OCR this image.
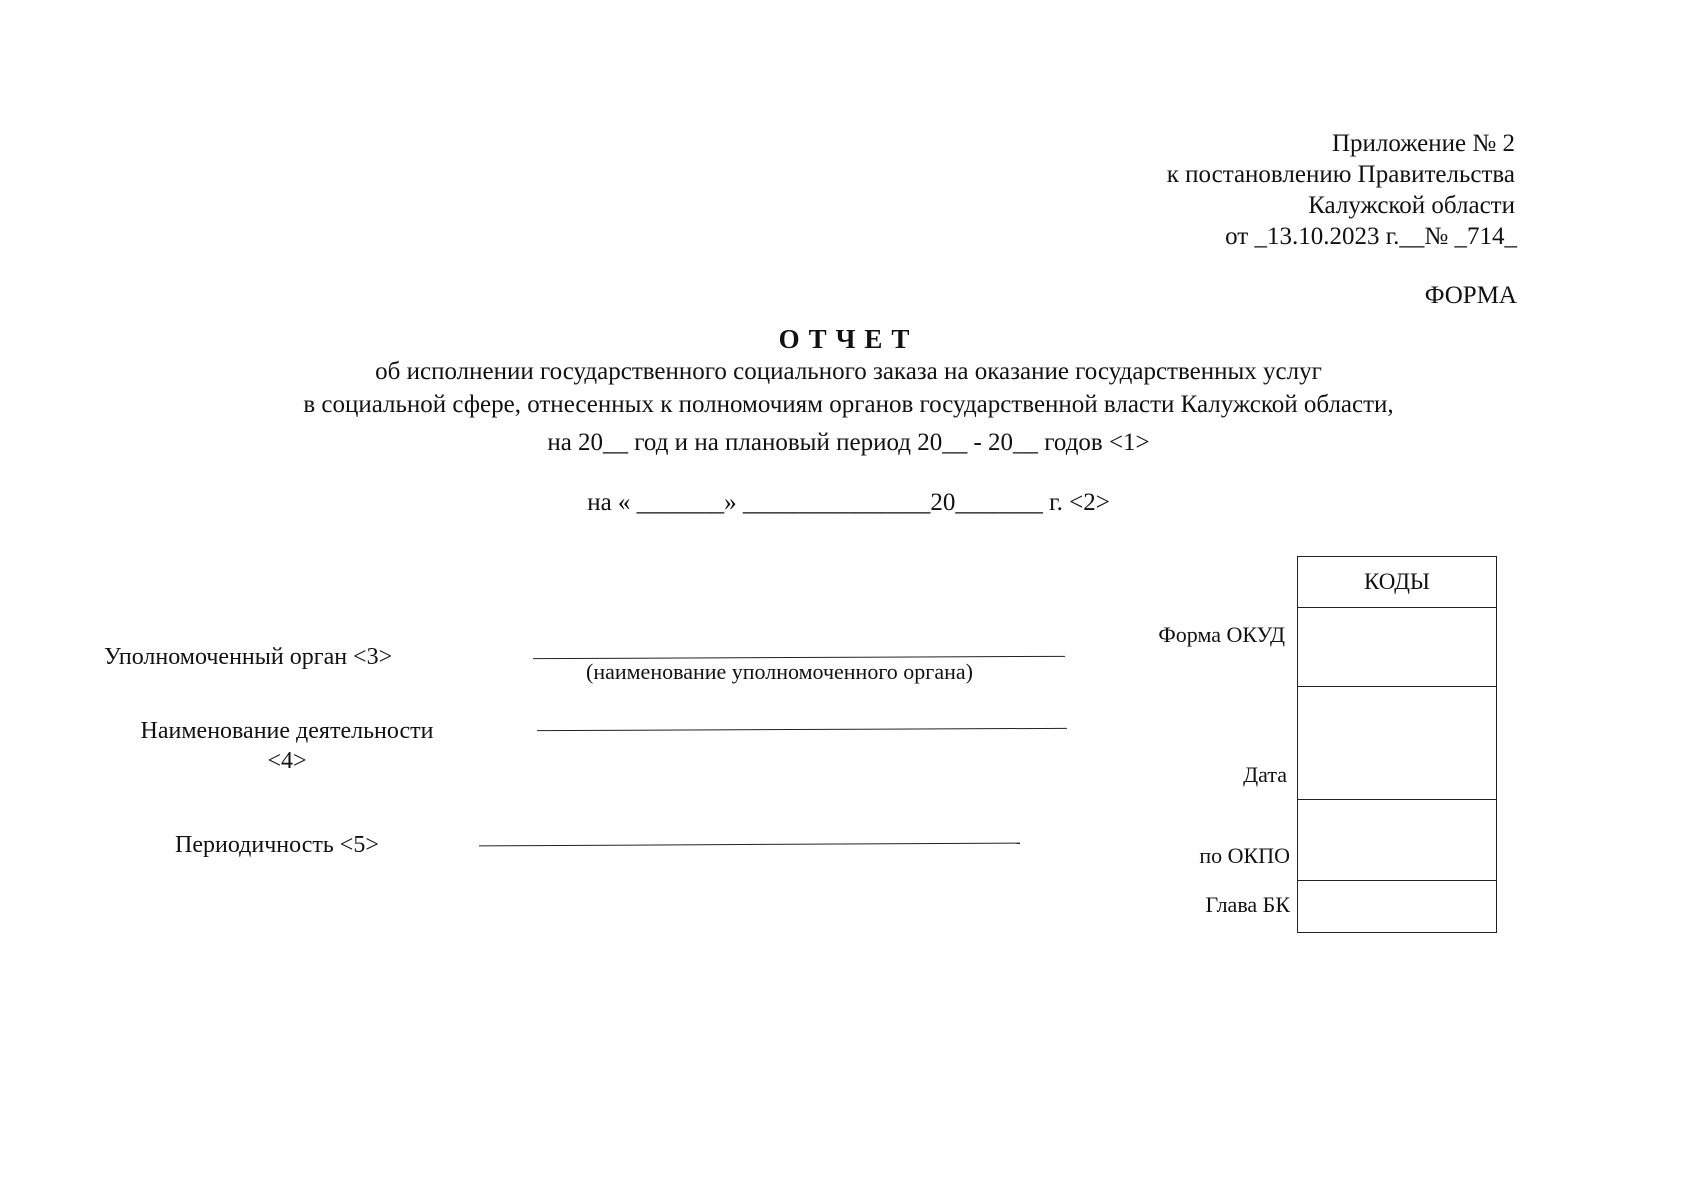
Приложение № 2
к постановлению Правительства
Калужской области
от _13.10.2023 г.__№ _714_
ФОРМА
ОТЧЕТ
об исполнении государственного социального заказа на оказание государственных услуг
в социальной сфере, отнесенных к полномочиям органов государственной власти Калужской области,
на 20__ год и на плановый период 20__ - 20__ годов <1>
на « _______» _______________20_______ г. <2>
Уполномоченный орган <3>
(наименование уполномоченного органа)
Наименование деятельности
<4>
Периодичность <5>
КОДЫ
Форма ОКУД
Дата
по ОКПО
Глава БК
